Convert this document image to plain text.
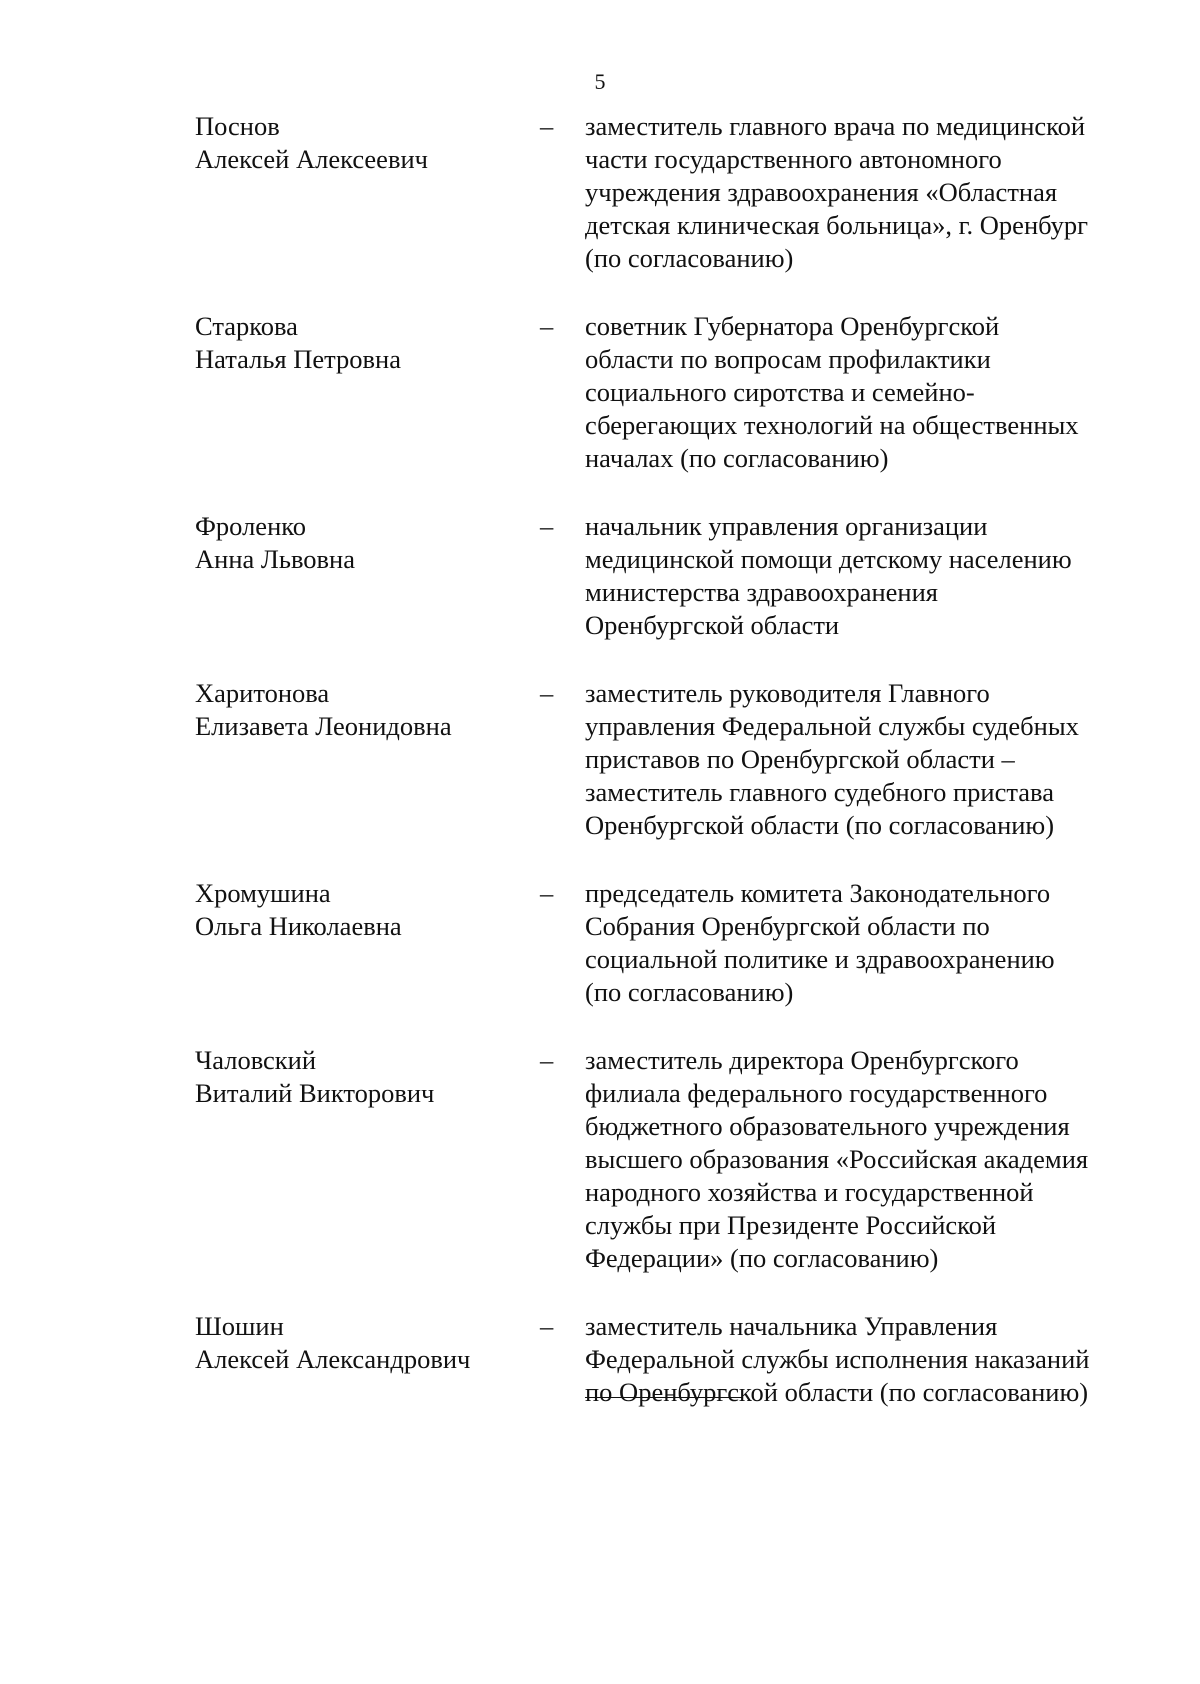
5
Поснов
Алексей Алексеевич
– заместитель главного врача по медицинской
части государственного автономного
учреждения здравоохранения «Областная
детская клиническая больница», г. Оренбург
(по согласованию)
Старкова
Наталья Петровна
– советник Губернатора Оренбургской
области по вопросам профилактики
социального сиротства и семейно-
сберегающих технологий на общественных
началах (по согласованию)
Фроленко
Анна Львовна
– начальник управления организации
медицинской помощи детскому населению
министерства здравоохранения
Оренбургской области
Харитонова
Елизавета Леонидовна
– заместитель руководителя Главного
управления Федеральной службы судебных
приставов по Оренбургской области –
заместитель главного судебного пристава
Оренбургской области (по согласованию)
Хромушина
Ольга Николаевна
– председатель комитета Законодательного
Собрания Оренбургской области по
социальной политике и здравоохранению
(по согласованию)
Чаловский
Виталий Викторович
– заместитель директора Оренбургского
филиала федерального государственного
бюджетного образовательного учреждения
высшего образования «Российская академия
народного хозяйства и государственной
службы при Президенте Российской
Федерации» (по согласованию)
Шошин
Алексей Александрович
– заместитель начальника Управления
Федеральной службы исполнения наказаний
по Оренбургской области (по согласованию)
